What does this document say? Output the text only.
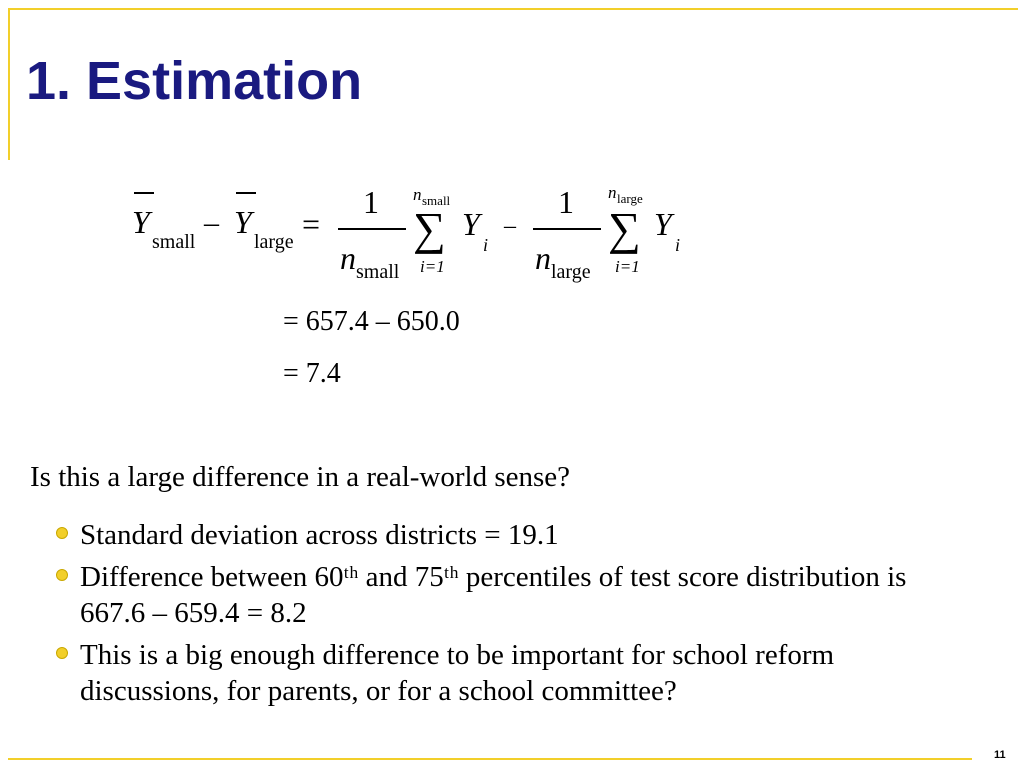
1. Estimation
Y
small
– Y
large =
1
n small
n small
∑
i=1
Y
i
–
1
n large
n large
∑
i=1
Y
i
= 657.4 – 650.0
= 7.4
Is this a large difference in a real-world sense?
Standard deviation across districts = 19.1
Difference between 60ᵗʰ and 75ᵗʰ percentiles of test score distribution is 667.6 – 659.4 = 8.2
This is a big enough difference to be important for school reform discussions, for parents, or for a school committee?
11
